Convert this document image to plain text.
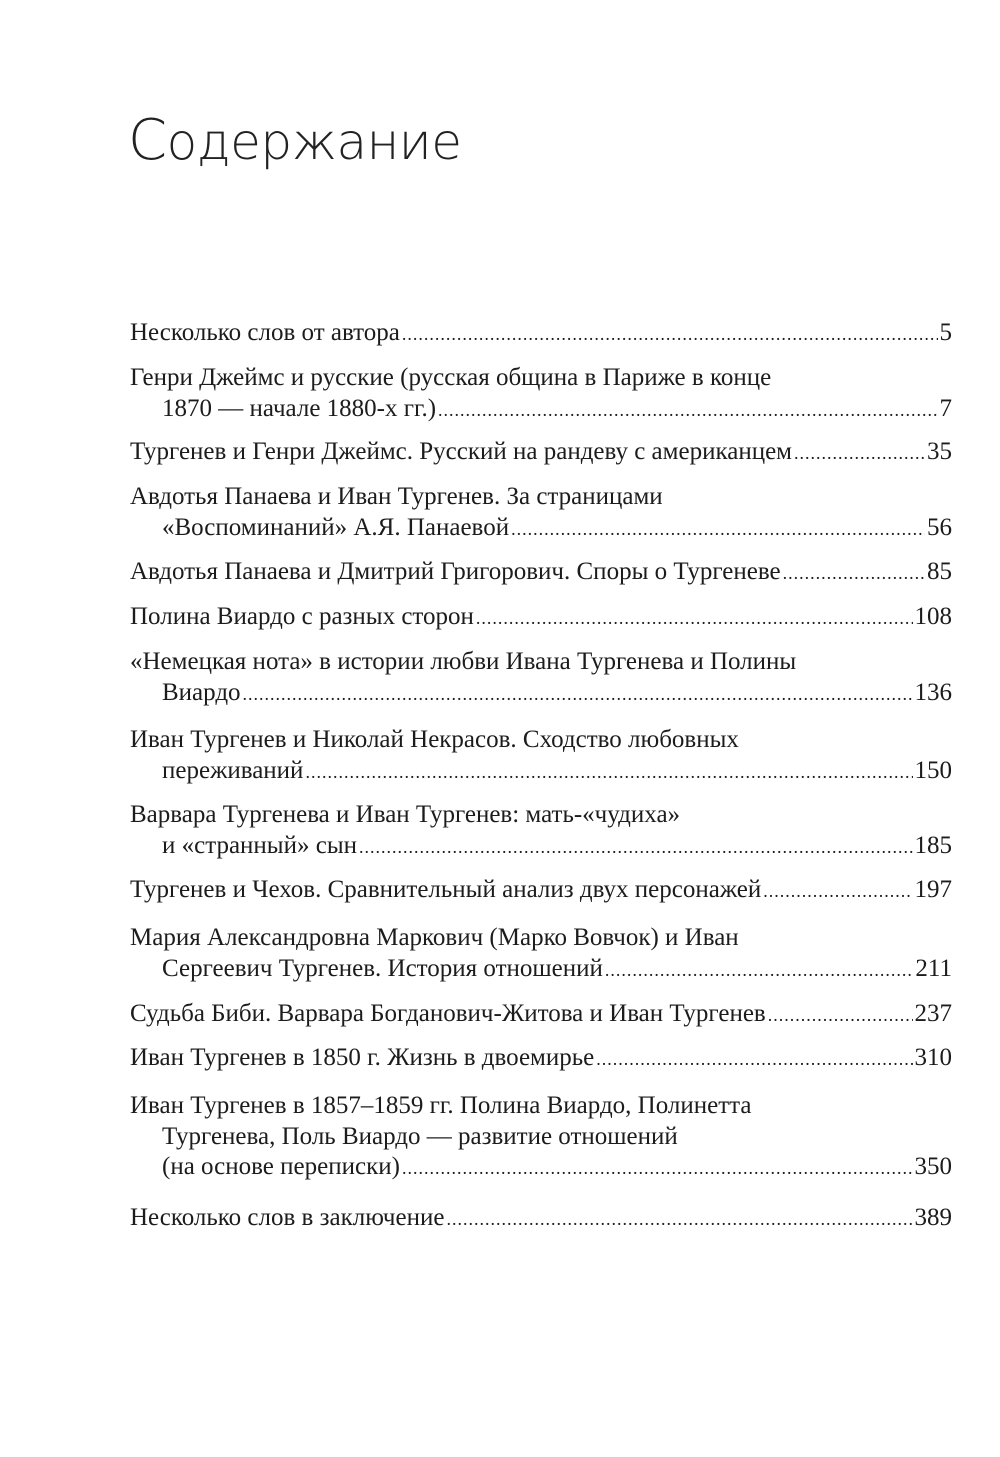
Содержание
Несколько слов от автора .....	5
Генри Джеймс и русские (русская община в Париже в конце
1870 — начале 1880-х гг.) .....	7
Тургенев и Генри Джеймс. Русский на рандеву с американцем .....	35
Авдотья Панаева и Иван Тургенев. За страницами
«Воспоминаний» А.Я. Панаевой .....	56
Авдотья Панаева и Дмитрий Григорович. Споры о Тургеневе .....	85
Полина Виардо с разных сторон .....	108
«Немецкая нота» в истории любви Ивана Тургенева и Полины
Виардо .....	136
Иван Тургенев и Николай Некрасов. Сходство любовных
переживаний .....	150
Варвара Тургенева и Иван Тургенев: мать-«чудиха»
и «странный» сын .....	185
Тургенев и Чехов. Сравнительный анализ двух персонажей .....	197
Мария Александровна Маркович (Марко Вовчок) и Иван
Сергеевич Тургенев. История отношений .....	211
Судьба Биби. Варвара Богданович-Житова и Иван Тургенев .....	237
Иван Тургенев в 1850 г. Жизнь в двоемирье .....	310
Иван Тургенев в 1857–1859 гг. Полина Виардо, Полинетта
Тургенева, Поль Виардо — развитие отношений
(на основе переписки) .....	350
Несколько слов в заключение .....	389
